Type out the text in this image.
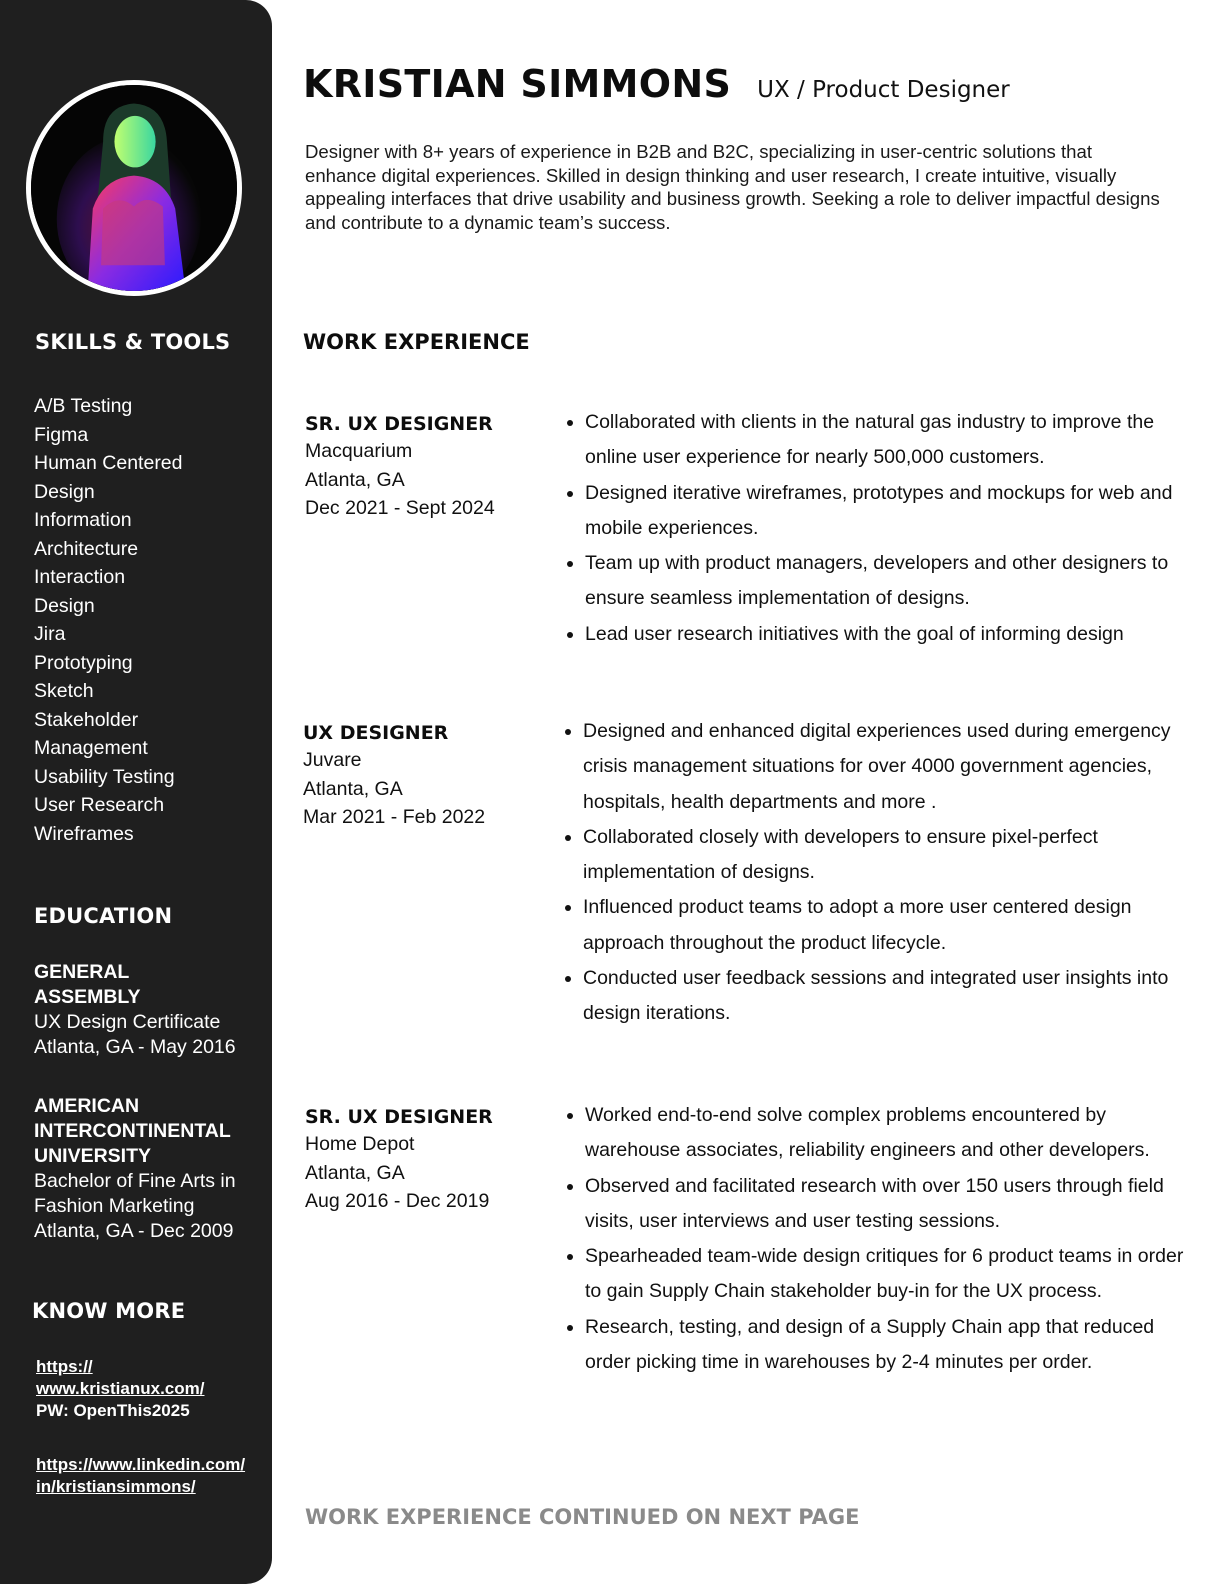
SKILLS & TOOLS
A/B Testing
Figma
Human Centered
Design
Information
Architecture
Interaction
Design
Jira
Prototyping
Sketch
Stakeholder
Management
Usability Testing
User Research
Wireframes
EDUCATION
GENERAL
ASSEMBLY
UX Design Certificate
Atlanta, GA - May 2016
AMERICAN
INTERCONTINENTAL
UNIVERSITY
Bachelor of Fine Arts in
Fashion Marketing
Atlanta, GA - Dec 2009
KNOW MORE
https://
www.kristianux.com/
PW: OpenThis2025
https://www.linkedin.com/
in/kristiansimmons/
KRISTIAN SIMMONS UX / Product Designer

Designer with 8+ years of experience in B2B and B2C, specializing in user-centric solutions that enhance digital experiences. Skilled in design thinking and user research, I create intuitive, visually appealing interfaces that drive usability and business growth. Seeking a role to deliver impactful designs and contribute to a dynamic team’s success.

WORK EXPERIENCE
SR. UX DESIGNER
Macquarium
Atlanta, GA
Dec 2021 - Sept 2024
• Collaborated with clients in the natural gas industry to improve the online user experience for nearly 500,000 customers.
• Designed iterative wireframes, prototypes and mockups for web and mobile experiences.
• Team up with product managers, developers and other designers to ensure seamless implementation of designs.
• Lead user research initiatives with the goal of informing design
UX DESIGNER
Juvare
Atlanta, GA
Mar 2021 - Feb 2022
• Designed and enhanced digital experiences used during emergency crisis management situations for over 4000 government agencies, hospitals, health departments and more .
• Collaborated closely with developers to ensure pixel-perfect implementation of designs.
• Influenced product teams to adopt a more user centered design approach throughout the product lifecycle.
• Conducted user feedback sessions and integrated user insights into design iterations.
SR. UX DESIGNER
Home Depot
Atlanta, GA
Aug 2016 - Dec 2019
• Worked end-to-end solve complex problems encountered by warehouse associates, reliability engineers and other developers.
• Observed and facilitated research with over 150 users through field visits, user interviews and user testing sessions.
• Spearheaded team-wide design critiques for 6 product teams in order to gain Supply Chain stakeholder buy-in for the UX process.
• Research, testing, and design of a Supply Chain app that reduced order picking time in warehouses by 2-4 minutes per order.

WORK EXPERIENCE CONTINUED ON NEXT PAGE
